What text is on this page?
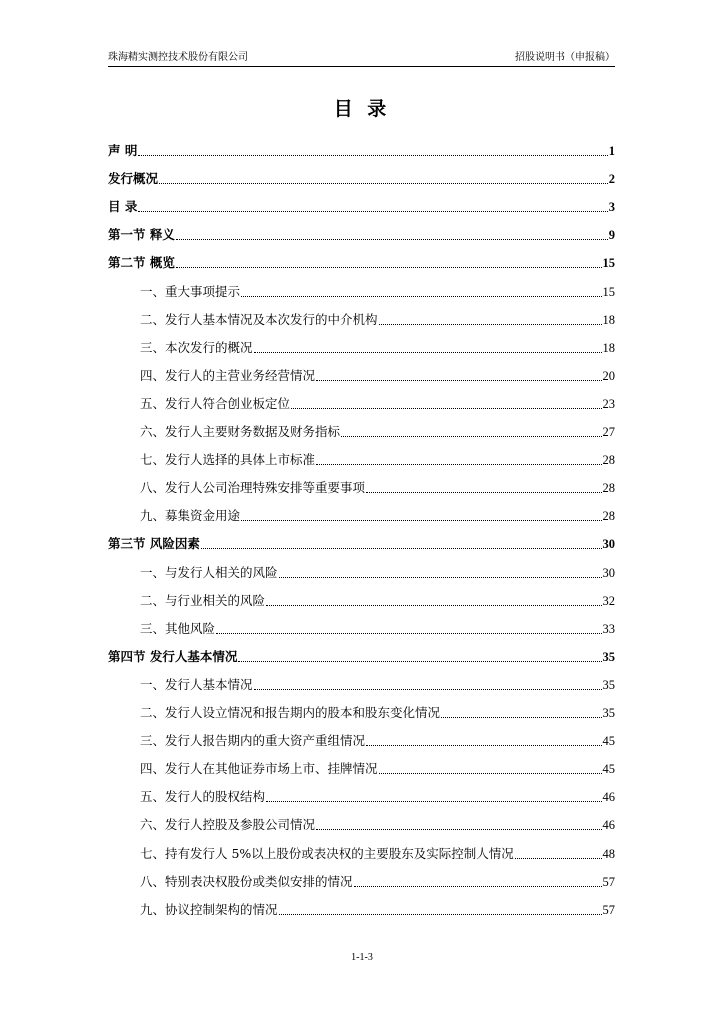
珠海精实测控技术股份有限公司	招股说明书（申报稿）
目 录
声 明	1
发行概况	2
目 录	3
第一节 释义	9
第二节 概览	15
一、重大事项提示	15
二、发行人基本情况及本次发行的中介机构	18
三、本次发行的概况	18
四、发行人的主营业务经营情况	20
五、发行人符合创业板定位	23
六、发行人主要财务数据及财务指标	27
七、发行人选择的具体上市标准	28
八、发行人公司治理特殊安排等重要事项	28
九、募集资金用途	28
第三节 风险因素	30
一、与发行人相关的风险	30
二、与行业相关的风险	32
三、其他风险	33
第四节 发行人基本情况	35
一、发行人基本情况	35
二、发行人设立情况和报告期内的股本和股东变化情况	35
三、发行人报告期内的重大资产重组情况	45
四、发行人在其他证券市场上市、挂牌情况	45
五、发行人的股权结构	46
六、发行人控股及参股公司情况	46
七、持有发行人 5%以上股份或表决权的主要股东及实际控制人情况	48
八、特别表决权股份或类似安排的情况	57
九、协议控制架构的情况	57
1-1-3
